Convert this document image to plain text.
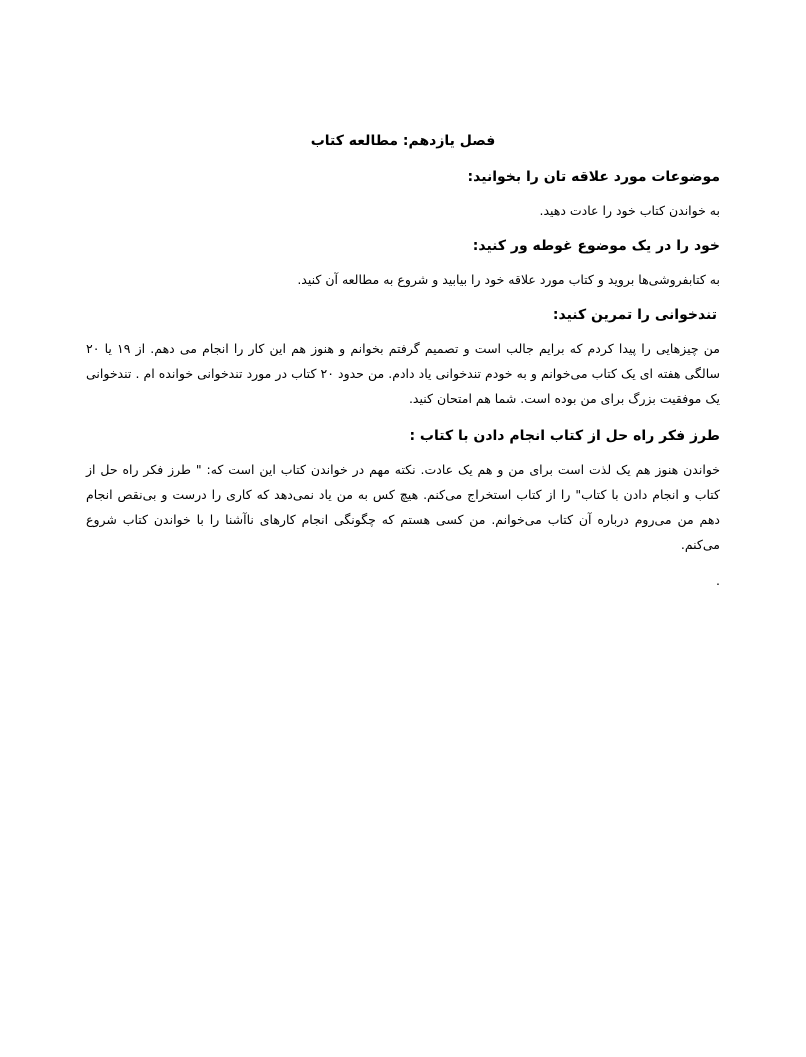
فصل یازدهم: مطالعه کتاب
موضوعات مورد علاقه تان را بخوانید:
به خواندن کتاب خود را عادت دهید.
خود را در یک موضوع غوطه ور کنید:
به کتابفروشی‌ها بروید و کتاب مورد علاقه خود را بیابید و شروع به مطالعه آن کنید.
تندخوانی را تمرین کنید:
من چیزهایی را پیدا کردم که برایم جالب است و تصمیم گرفتم بخوانم و هنوز هم این کار را انجام می دهم. از ۱۹ یا ۲۰ سالگی هفته ای یک کتاب می‌خوانم و به خودم تندخوانی یاد دادم. من حدود ۲۰ کتاب در مورد تندخوانی خوانده ام . تندخوانی یک موفقیت بزرگ برای من بوده است. شما هم امتحان کنید.
طرز فکر راه حل از کتاب انجام دادن با کتاب :
خواندن هنوز هم یک لذت است برای من و هم یک عادت. نکته مهم در خواندن کتاب این است که: " طرز فکر راه حل از کتاب و انجام دادن با کتاب" را از کتاب استخراج می‌کنم. هیچ کس به من یاد نمی‌دهد که کاری را درست و بی‌نقص انجام دهم من می‌روم درباره آن کتاب می‌خوانم. من کسی هستم که چگونگی انجام کارهای ناآشنا را با خواندن کتاب شروع می‌کنم.
.
